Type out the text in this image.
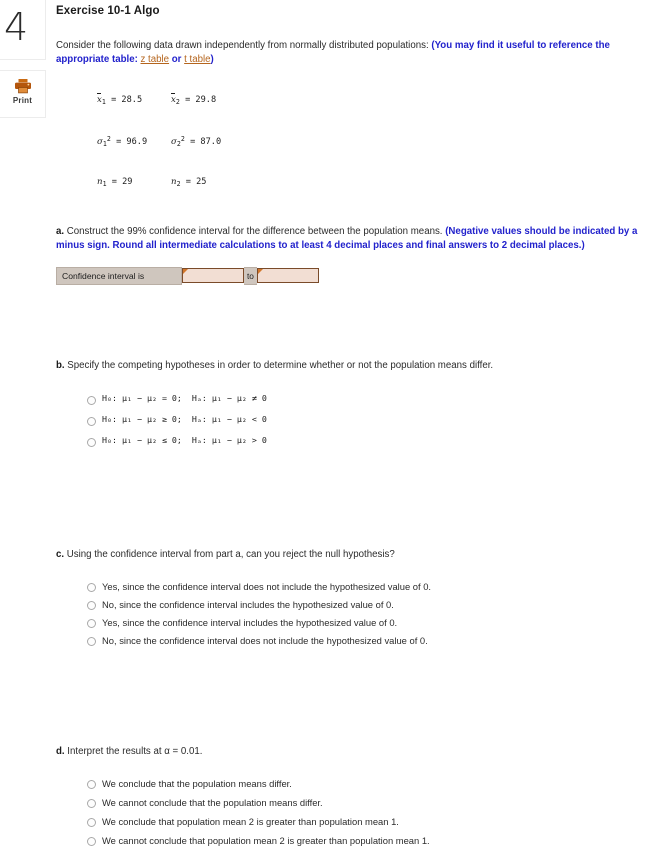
4
Print
Exercise 10-1 Algo
Consider the following data drawn independently from normally distributed populations: (You may find it useful to reference the appropriate table: z table or t table)

$x_1 = 28.5$	$x_2 = 29.8$

$\sigma_1^2 = 96.9$	$\sigma_2^2 = 87.0$

$n_1 = 29$	$n_2 = 25$

a. Construct the 99% confidence interval for the difference between the population means. (Negative values should be indicated by a minus sign. Round all intermediate calculations to at least 4 decimal places and final answers to 2 decimal places.)
Confidence interval is		to	
b. Specify the competing hypotheses in order to determine whether or not the population means differ.
H₀: μ₁ − μ₂ = 0;  Hₐ: μ₁ − μ₂ ≠ 0
H₀: μ₁ − μ₂ ≥ 0;  Hₐ: μ₁ − μ₂ < 0
H₀: μ₁ − μ₂ ≤ 0;  Hₐ: μ₁ − μ₂ > 0
c. Using the confidence interval from part a, can you reject the null hypothesis?
Yes, since the confidence interval does not include the hypothesized value of 0.
No, since the confidence interval includes the hypothesized value of 0.
Yes, since the confidence interval includes the hypothesized value of 0.
No, since the confidence interval does not include the hypothesized value of 0.
d. Interpret the results at α = 0.01.
We conclude that the population means differ.
We cannot conclude that the population means differ.
We conclude that population mean 2 is greater than population mean 1.
We cannot conclude that population mean 2 is greater than population mean 1.
